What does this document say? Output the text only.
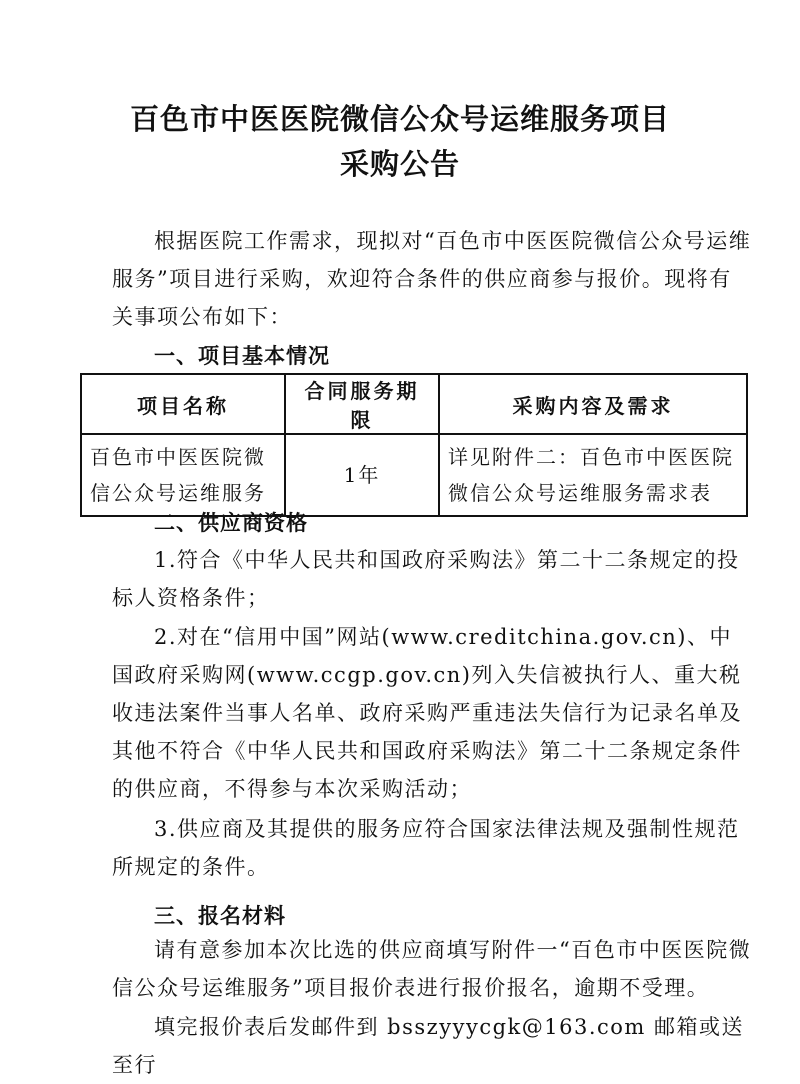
百色市中医医院微信公众号运维服务项目
采购公告

根据医院工作需求，现拟对“百色市中医医院微信公众号运维服务”项目进行采购，欢迎符合条件的供应商参与报价。现将有关事项公布如下：

一、项目基本情况
项目名称	合同服务期限	采购内容及需求
百色市中医医院微信公众号运维服务	1年	详见附件二：百色市中医医院微信公众号运维服务需求表
二、供应商资格

1.符合《中华人民共和国政府采购法》第二十二条规定的投标人资格条件；

2.对在“信用中国”网站(www.creditchina.gov.cn)、中国政府采购网(www.ccgp.gov.cn)列入失信被执行人、重大税收违法案件当事人名单、政府采购严重违法失信行为记录名单及其他不符合《中华人民共和国政府采购法》第二十二条规定条件的供应商，不得参与本次采购活动；

3.供应商及其提供的服务应符合国家法律法规及强制性规范所规定的条件。

三、报名材料

请有意参加本次比选的供应商填写附件一“百色市中医医院微信公众号运维服务”项目报价表进行报价报名，逾期不受理。

填完报价表后发邮件到 bsszyyycgk@163.com 邮箱或送至行
